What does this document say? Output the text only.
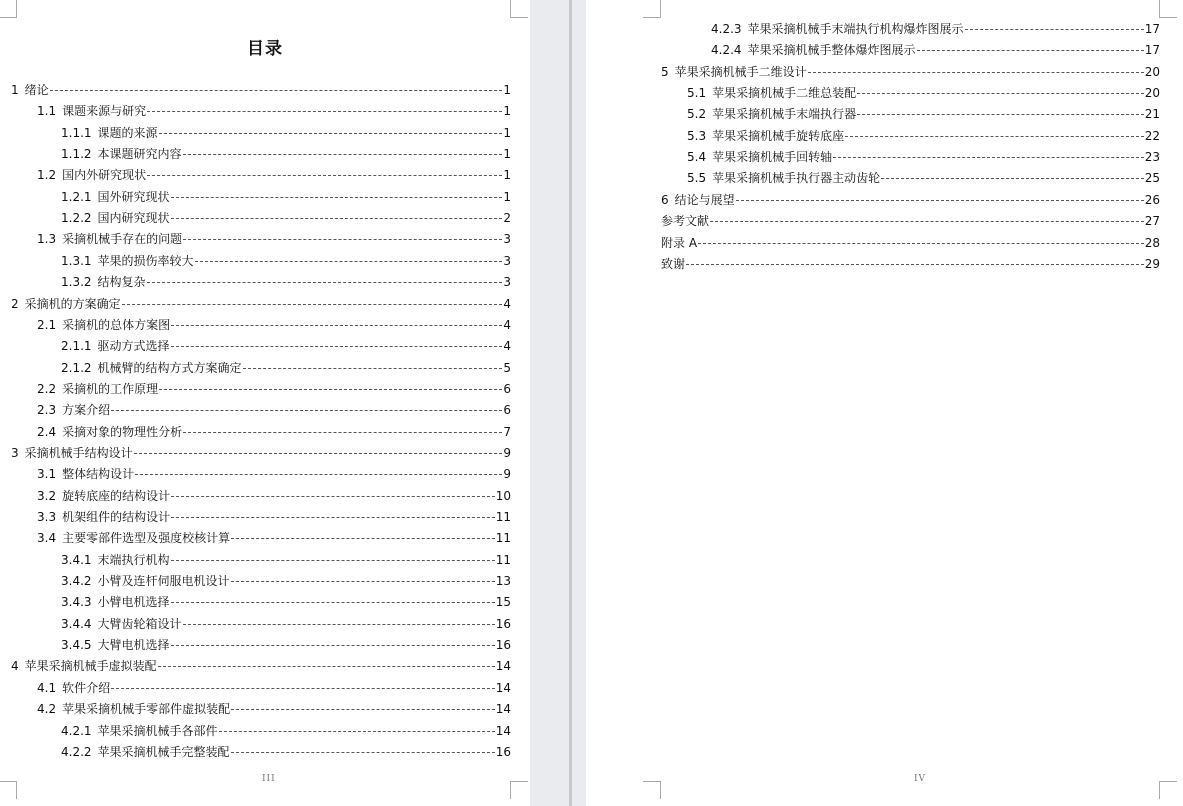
目录
1 绪论	1
1.1 课题来源与研究	1
1.1.1 课题的来源	1
1.1.2 本课题研究内容	1
1.2 国内外研究现状	1
1.2.1 国外研究现状	1
1.2.2 国内研究现状	2
1.3 采摘机械手存在的问题	3
1.3.1 苹果的损伤率较大	3
1.3.2 结构复杂	3
2 采摘机的方案确定	4
2.1 采摘机的总体方案图	4
2.1.1 驱动方式选择	4
2.1.2 机械臂的结构方式方案确定	5
2.2 采摘机的工作原理	6
2.3 方案介绍	6
2.4 采摘对象的物理性分析	7
3 采摘机械手结构设计	9
3.1 整体结构设计	9
3.2 旋转底座的结构设计	10
3.3 机架组件的结构设计	11
3.4 主要零部件选型及强度校核计算	11
3.4.1 末端执行机构	11
3.4.2 小臂及连杆伺服电机设计	13
3.4.3 小臂电机选择	15
3.4.4 大臂齿轮箱设计	16
3.4.5 大臂电机选择	16
4 苹果采摘机械手虚拟装配	14
4.1 软件介绍	14
4.2 苹果采摘机械手零部件虚拟装配	14
4.2.1 苹果采摘机械手各部件	14
4.2.2 苹果采摘机械手完整装配	16
III
4.2.3 苹果采摘机械手末端执行机构爆炸图展示	17
4.2.4 苹果采摘机械手整体爆炸图展示	17
5 苹果采摘机械手二维设计	20
5.1 苹果采摘机械手二维总装配	20
5.2 苹果采摘机械手末端执行器	21
5.3 苹果采摘机械手旋转底座	22
5.4 苹果采摘机械手回转轴	23
5.5 苹果采摘机械手执行器主动齿轮	25
6 结论与展望	26
参考文献	27
附录 A	28
致谢	29
IV
